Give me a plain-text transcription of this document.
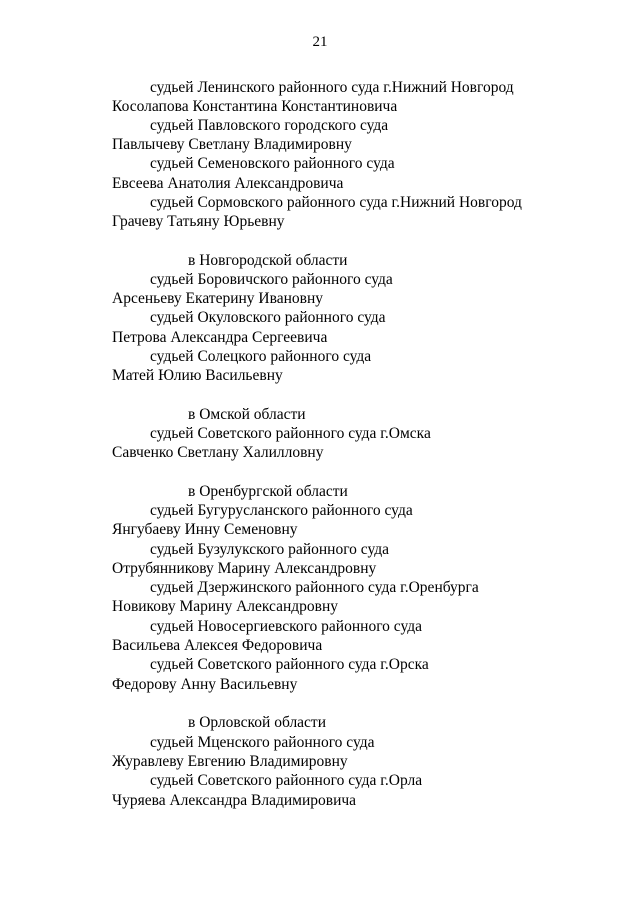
21
судьей Ленинского районного суда г.Нижний Новгород
Косолапова Константина Константиновича
судьей Павловского городского суда
Павлычеву Светлану Владимировну
судьей Семеновского районного суда
Евсеева Анатолия Александровича
судьей Сормовского районного суда г.Нижний Новгород
Грачеву Татьяну Юрьевну
в Новгородской области
судьей Боровичского районного суда
Арсеньеву Екатерину Ивановну
судьей Окуловского районного суда
Петрова Александра Сергеевича
судьей Солецкого районного суда
Матей Юлию Васильевну
в Омской области
судьей Советского районного суда г.Омска
Савченко Светлану Халилловну
в Оренбургской области
судьей Бугурусланского районного суда
Янгубаеву Инну Семеновну
судьей Бузулукского районного суда
Отрубянникову Марину Александровну
судьей Дзержинского районного суда г.Оренбурга
Новикову Марину Александровну
судьей Новосергиевского районного суда
Васильева Алексея Федоровича
судьей Советского районного суда г.Орска
Федорову Анну Васильевну
в Орловской области
судьей Мценского районного суда
Журавлеву Евгению Владимировну
судьей Советского районного суда г.Орла
Чуряева Александра Владимировича
